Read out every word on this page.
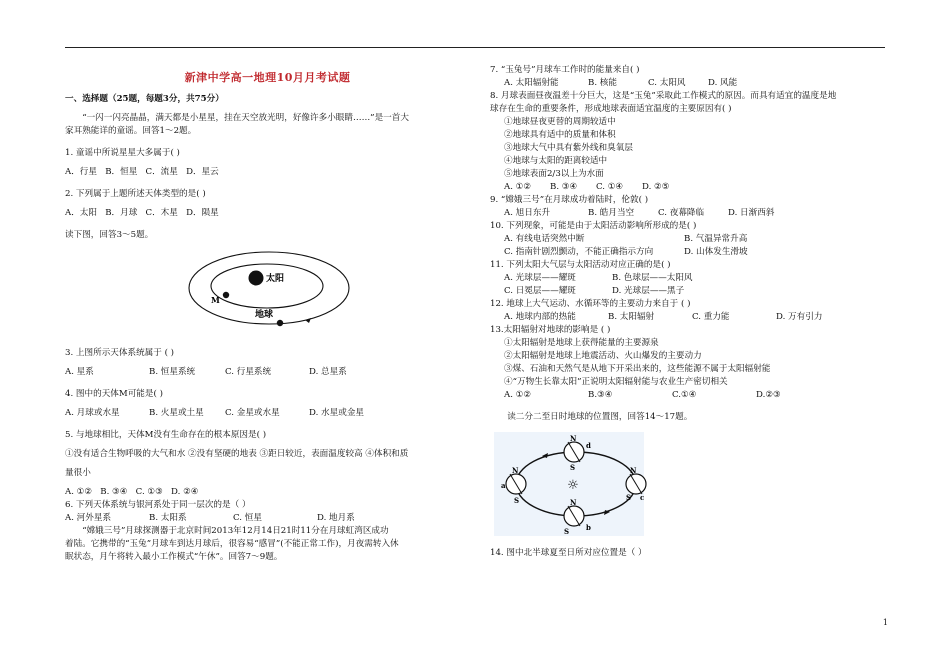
新津中学高一地理10月月考试题
一、选择题（25题，每题3分，共75分）

“一闪一闪亮晶晶，满天都是小星星，挂在天空放光明，好像许多小眼睛……”是一首大

家耳熟能详的童谣。回答1～2题。

1. 童谣中所说星星大多属于( )

A．行星 B．恒星 C．流星 D．星云

2. 下列属于上题所述天体类型的是( )

A．太阳 B．月球 C．木星 D．陨星

读下图，回答3～5题。

太阳
M
地球

3. 上图所示天体系统属于 ( )

A. 星系	B. 恒星系统	C. 行星系统	D. 总星系

4. 图中的天体M可能是( )

A. 月球或水星	B. 火星或土星 C. 金星或水星	D. 水星或金星

5. 与地球相比，天体M没有生命存在的根本原因是( )

①没有适合生物呼吸的大气和水 ②没有坚硬的地表 ③距日较近，表面温度较高 ④体积和质

量很小

A. ①② B. ③④ C. ①③ D. ②④

6. 下列天体系统与银河系处于同一层次的是（ ）

A. 河外星系	B. 太阳系	C. 恒星	D. 地月系

“嫦娥三号”月球探测器于北京时间2013年12月14日21时11分在月球虹湾区成功

着陆。它携带的“玉兔”月球车到达月球后，很容易“感冒”(不能正常工作)，月夜需转入休

眠状态，月午将转入最小工作模式“午休”。回答7～9题。

7. “玉兔号”月球车工作时的能量来自( )

A. 太阳辐射能	B. 核能	C. 太阳风	D. 风能

8. 月球表面昼夜温差十分巨大，这是“玉兔”采取此工作模式的原因。而具有适宜的温度是地

球存在生命的重要条件，形成地球表面适宜温度的主要原因有( )

①地球昼夜更替的周期较适中

②地球具有适中的质量和体积

③地球大气中具有紫外线和臭氧层

④地球与太阳的距离较适中

⑤地球表面2/3以上为水面

A. ①② B. ③④ C. ①④ D. ②⑤

9. “嫦娥三号”在月球成功着陆时，伦敦( )

A. 旭日东升	B. 皓月当空	C. 夜幕降临	D. 日渐西斜

10. 下列现象，可能是由于太阳活动影响所形成的是( )

A. 有线电话突然中断	B. 气温异常升高

C. 指南针剧烈颤动，不能正确指示方向	D. 山体发生滑坡

11. 下列太阳大气层与太阳活动对应正确的是( )

A. 光球层——耀斑	B. 色球层——太阳风

C. 日冕层——耀斑	D. 光球层——黑子

12. 地球上大气运动、水循环等的主要动力来自于 ( )

A. 地球内部的热能	B. 太阳辐射	C. 重力能	D. 万有引力

13.太阳辐射对地球的影响是 ( )

①太阳辐射是地球上获得能量的主要源泉

②太阳辐射是地球上地震活动、火山爆发的主要动力

③煤、石油和天然气是从地下开采出来的，这些能源不属于太阳辐射能

④“万物生长靠太阳”正说明太阳辐射能与农业生产密切相关

A. ①②	B.③④	C.①④	D.②③

读二分二至日时地球的位置图，回答14～17题。

☼
N
S
a
N
S
d
N
S c
N
S b

14. 图中北半球夏至日所对应位置是（ ）

1
